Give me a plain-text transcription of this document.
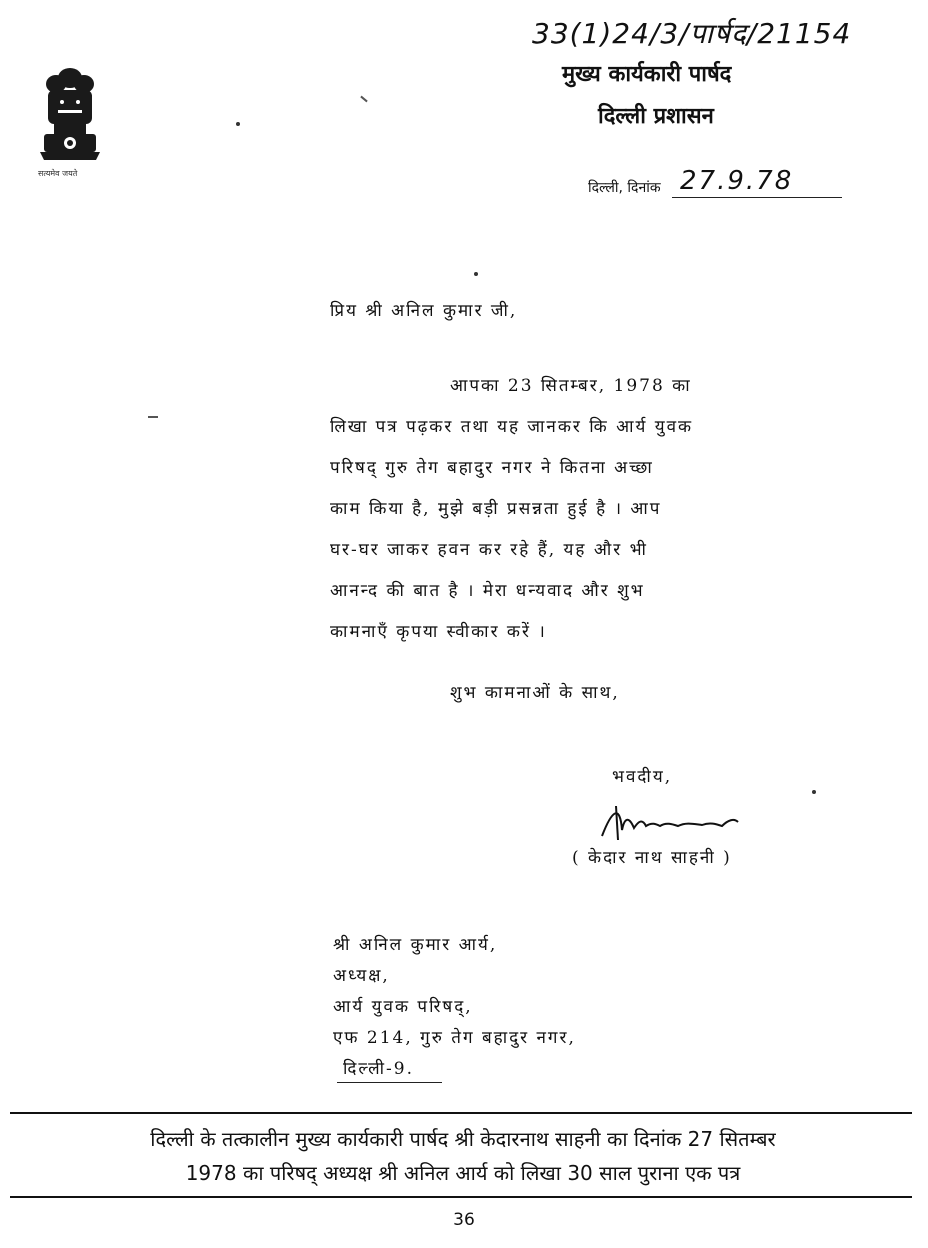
33(1)24/3/पार्षद/21154
सत्यमेव जयते
मुख्य कार्यकारी पार्षद
दिल्ली प्रशासन
दिल्ली, दिनांक 27.9.78
प्रिय श्री अनिल कुमार जी,
आपका 23 सितम्बर, 1978 का
लिखा पत्र पढ़कर तथा यह जानकर कि आर्य युवक
परिषद् गुरु तेग बहादुर नगर ने कितना अच्छा
काम किया है, मुझे बड़ी प्रसन्नता हुई है । आप
घर-घर जाकर हवन कर रहे हैं, यह और भी
आनन्द की बात है । मेरा धन्यवाद और शुभ
कामनाएँ कृपया स्वीकार करें ।
शुभ कामनाओं के साथ,
भवदीय,
( केदार नाथ साहनी )
श्री अनिल कुमार आर्य,
अध्यक्ष,
आर्य युवक परिषद्,
एफ 214, गुरु तेग बहादुर नगर,
दिल्ली-9.
दिल्ली के तत्कालीन मुख्य कार्यकारी पार्षद श्री केदारनाथ साहनी का दिनांक 27 सितम्बर
1978 का परिषद् अध्यक्ष श्री अनिल आर्य को लिखा 30 साल पुराना एक पत्र
36
